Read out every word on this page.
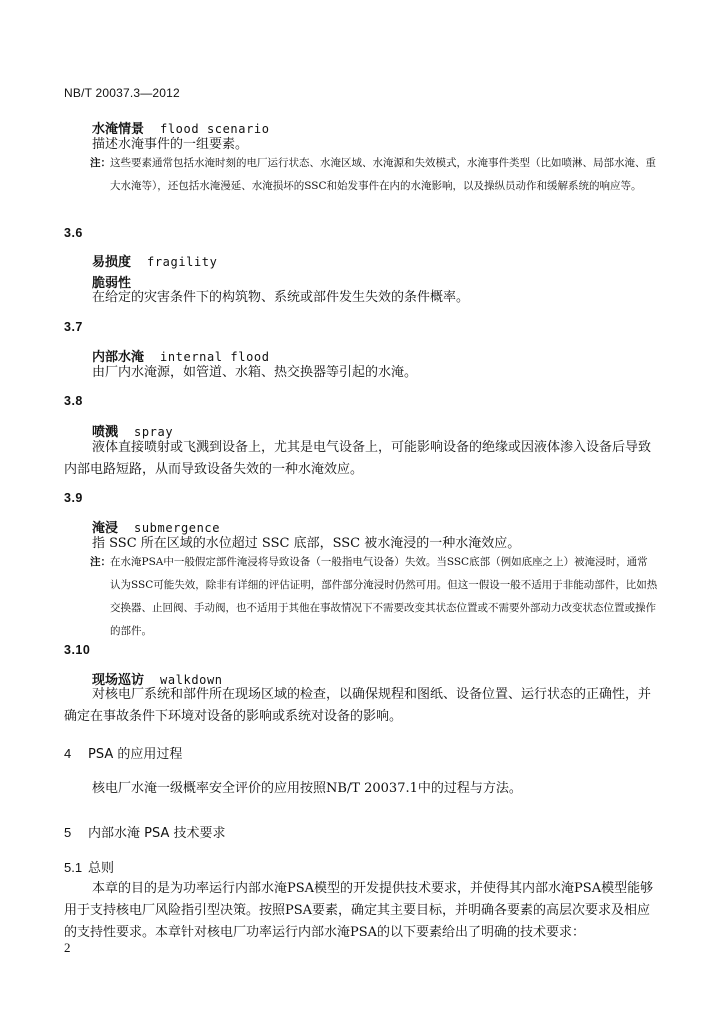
NB/T 20037.3—2012
水淹情景 flood scenario
描述水淹事件的一组要素。
注： 这些要素通常包括水淹时刻的电厂运行状态、水淹区域、水淹源和失效模式，水淹事件类型（比如喷淋、局部水淹、重大水淹等），还包括水淹漫延、水淹损坏的SSC和始发事件在内的水淹影响，以及操纵员动作和缓解系统的响应等。
3.6
易损度 fragility
脆弱性
在给定的灾害条件下的构筑物、系统或部件发生失效的条件概率。
3.7
内部水淹 internal flood
由厂内水淹源，如管道、水箱、热交换器等引起的水淹。
3.8
喷溅 spray
液体直接喷射或飞溅到设备上，尤其是电气设备上，可能影响设备的绝缘或因液体渗入设备后导致内部电路短路，从而导致设备失效的一种水淹效应。
3.9
淹浸 submergence
指 SSC 所在区域的水位超过 SSC 底部，SSC 被水淹浸的一种水淹效应。
注： 在水淹PSA中一般假定部件淹浸将导致设备（一般指电气设备）失效。当SSC底部（例如底座之上）被淹浸时，通常认为SSC可能失效，除非有详细的评估证明，部件部分淹浸时仍然可用。但这一假设一般不适用于非能动部件，比如热交换器、止回阀、手动阀，也不适用于其他在事故情况下不需要改变其状态位置或不需要外部动力改变状态位置或操作的部件。
3.10
现场巡访 walkdown
对核电厂系统和部件所在现场区域的检查，以确保规程和图纸、设备位置、运行状态的正确性，并确定在事故条件下环境对设备的影响或系统对设备的影响。
4 PSA 的应用过程
核电厂水淹一级概率安全评价的应用按照NB/T 20037.1中的过程与方法。
5 内部水淹 PSA 技术要求
5.1 总则
本章的目的是为功率运行内部水淹PSA模型的开发提供技术要求，并使得其内部水淹PSA模型能够用于支持核电厂风险指引型决策。按照PSA要素，确定其主要目标，并明确各要素的高层次要求及相应的支持性要求。本章针对核电厂功率运行内部水淹PSA的以下要素给出了明确的技术要求：
2
